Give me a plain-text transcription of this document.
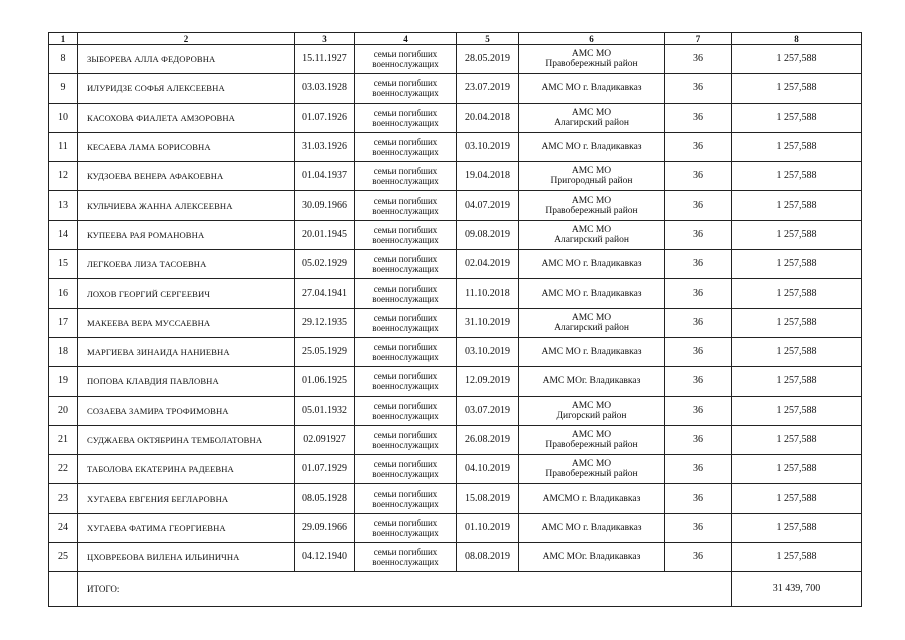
1	2	3	4	5	6	7	8
8	ЗЫБОРЕВА АЛЛА ФЕДОРОВНА	15.11.1927	семьи погибших
военнослужащих	28.05.2019	АМС МО
Правобережный район	36	1 257,588
9	ИЛУРИДЗЕ СОФЬЯ АЛЕКСЕЕВНА	03.03.1928	семьи погибших
военнослужащих	23.07.2019	АМС МО г. Владикавказ	36	1 257,588
10	КАСОХОВА ФИАЛЕТА АМЗОРОВНА	01.07.1926	семьи погибших
военнослужащих	20.04.2018	АМС МО
Алагирский район	36	1 257,588
11	КЕСАЕВА ЛАМА БОРИСОВНА	31.03.1926	семьи погибших
военнослужащих	03.10.2019	АМС МО г. Владикавказ	36	1 257,588
12	КУДЗОЕВА ВЕНЕРА АФАКОЕВНА	01.04.1937	семьи погибших
военнослужащих	19.04.2018	АМС МО
Пригородный район	36	1 257,588
13	КУЛЬЧИЕВА ЖАННА АЛЕКСЕЕВНА	30.09.1966	семьи погибших
военнослужащих	04.07.2019	АМС МО
Правобережный район	36	1 257,588
14	КУПЕЕВА РАЯ РОМАНОВНА	20.01.1945	семьи погибших
военнослужащих	09.08.2019	АМС МО
Алагирский район	36	1 257,588
15	ЛЕГКОЕВА ЛИЗА ТАСОЕВНА	05.02.1929	семьи погибших
военнослужащих	02.04.2019	АМС МО г. Владикавказ	36	1 257,588
16	ЛОХОВ ГЕОРГИЙ СЕРГЕЕВИЧ	27.04.1941	семьи погибших
военнослужащих	11.10.2018	АМС МО г. Владикавказ	36	1 257,588
17	МАКЕЕВА ВЕРА МУССАЕВНА	29.12.1935	семьи погибших
военнослужащих	31.10.2019	АМС МО
Алагирский район	36	1 257,588
18	МАРГИЕВА ЗИНАИДА НАНИЕВНА	25.05.1929	семьи погибших
военнослужащих	03.10.2019	АМС МО г. Владикавказ	36	1 257,588
19	ПОПОВА КЛАВДИЯ ПАВЛОВНА	01.06.1925	семьи погибших
военнослужащих	12.09.2019	АМС МОг. Владикавказ	36	1 257,588
20	СОЗАЕВА ЗАМИРА ТРОФИМОВНА	05.01.1932	семьи погибших
военнослужащих	03.07.2019	АМС МО
Дигорский район	36	1 257,588
21	СУДЖАЕВА ОКТЯБРИНА ТЕМБОЛАТОВНА	02.091927	семьи погибших
военнослужащих	26.08.2019	АМС МО
Правобережный район	36	1 257,588
22	ТАБОЛОВА ЕКАТЕРИНА РАДЕЕВНА	01.07.1929	семьи погибших
военнослужащих	04.10.2019	АМС МО
Правобережный район	36	1 257,588
23	ХУГАЕВА ЕВГЕНИЯ БЕГЛАРОВНА	08.05.1928	семьи погибших
военнослужащих	15.08.2019	АМСМО г. Владикавказ	36	1 257,588
24	ХУГАЕВА ФАТИМА ГЕОРГИЕВНА	29.09.1966	семьи погибших
военнослужащих	01.10.2019	АМС МО г. Владикавказ	36	1 257,588
25	ЦХОВРЕБОВА ВИЛЕНА ИЛЬИНИЧНА	04.12.1940	семьи погибших
военнослужащих	08.08.2019	АМС МОг. Владикавказ	36	1 257,588
	ИТОГО:						31 439, 700
